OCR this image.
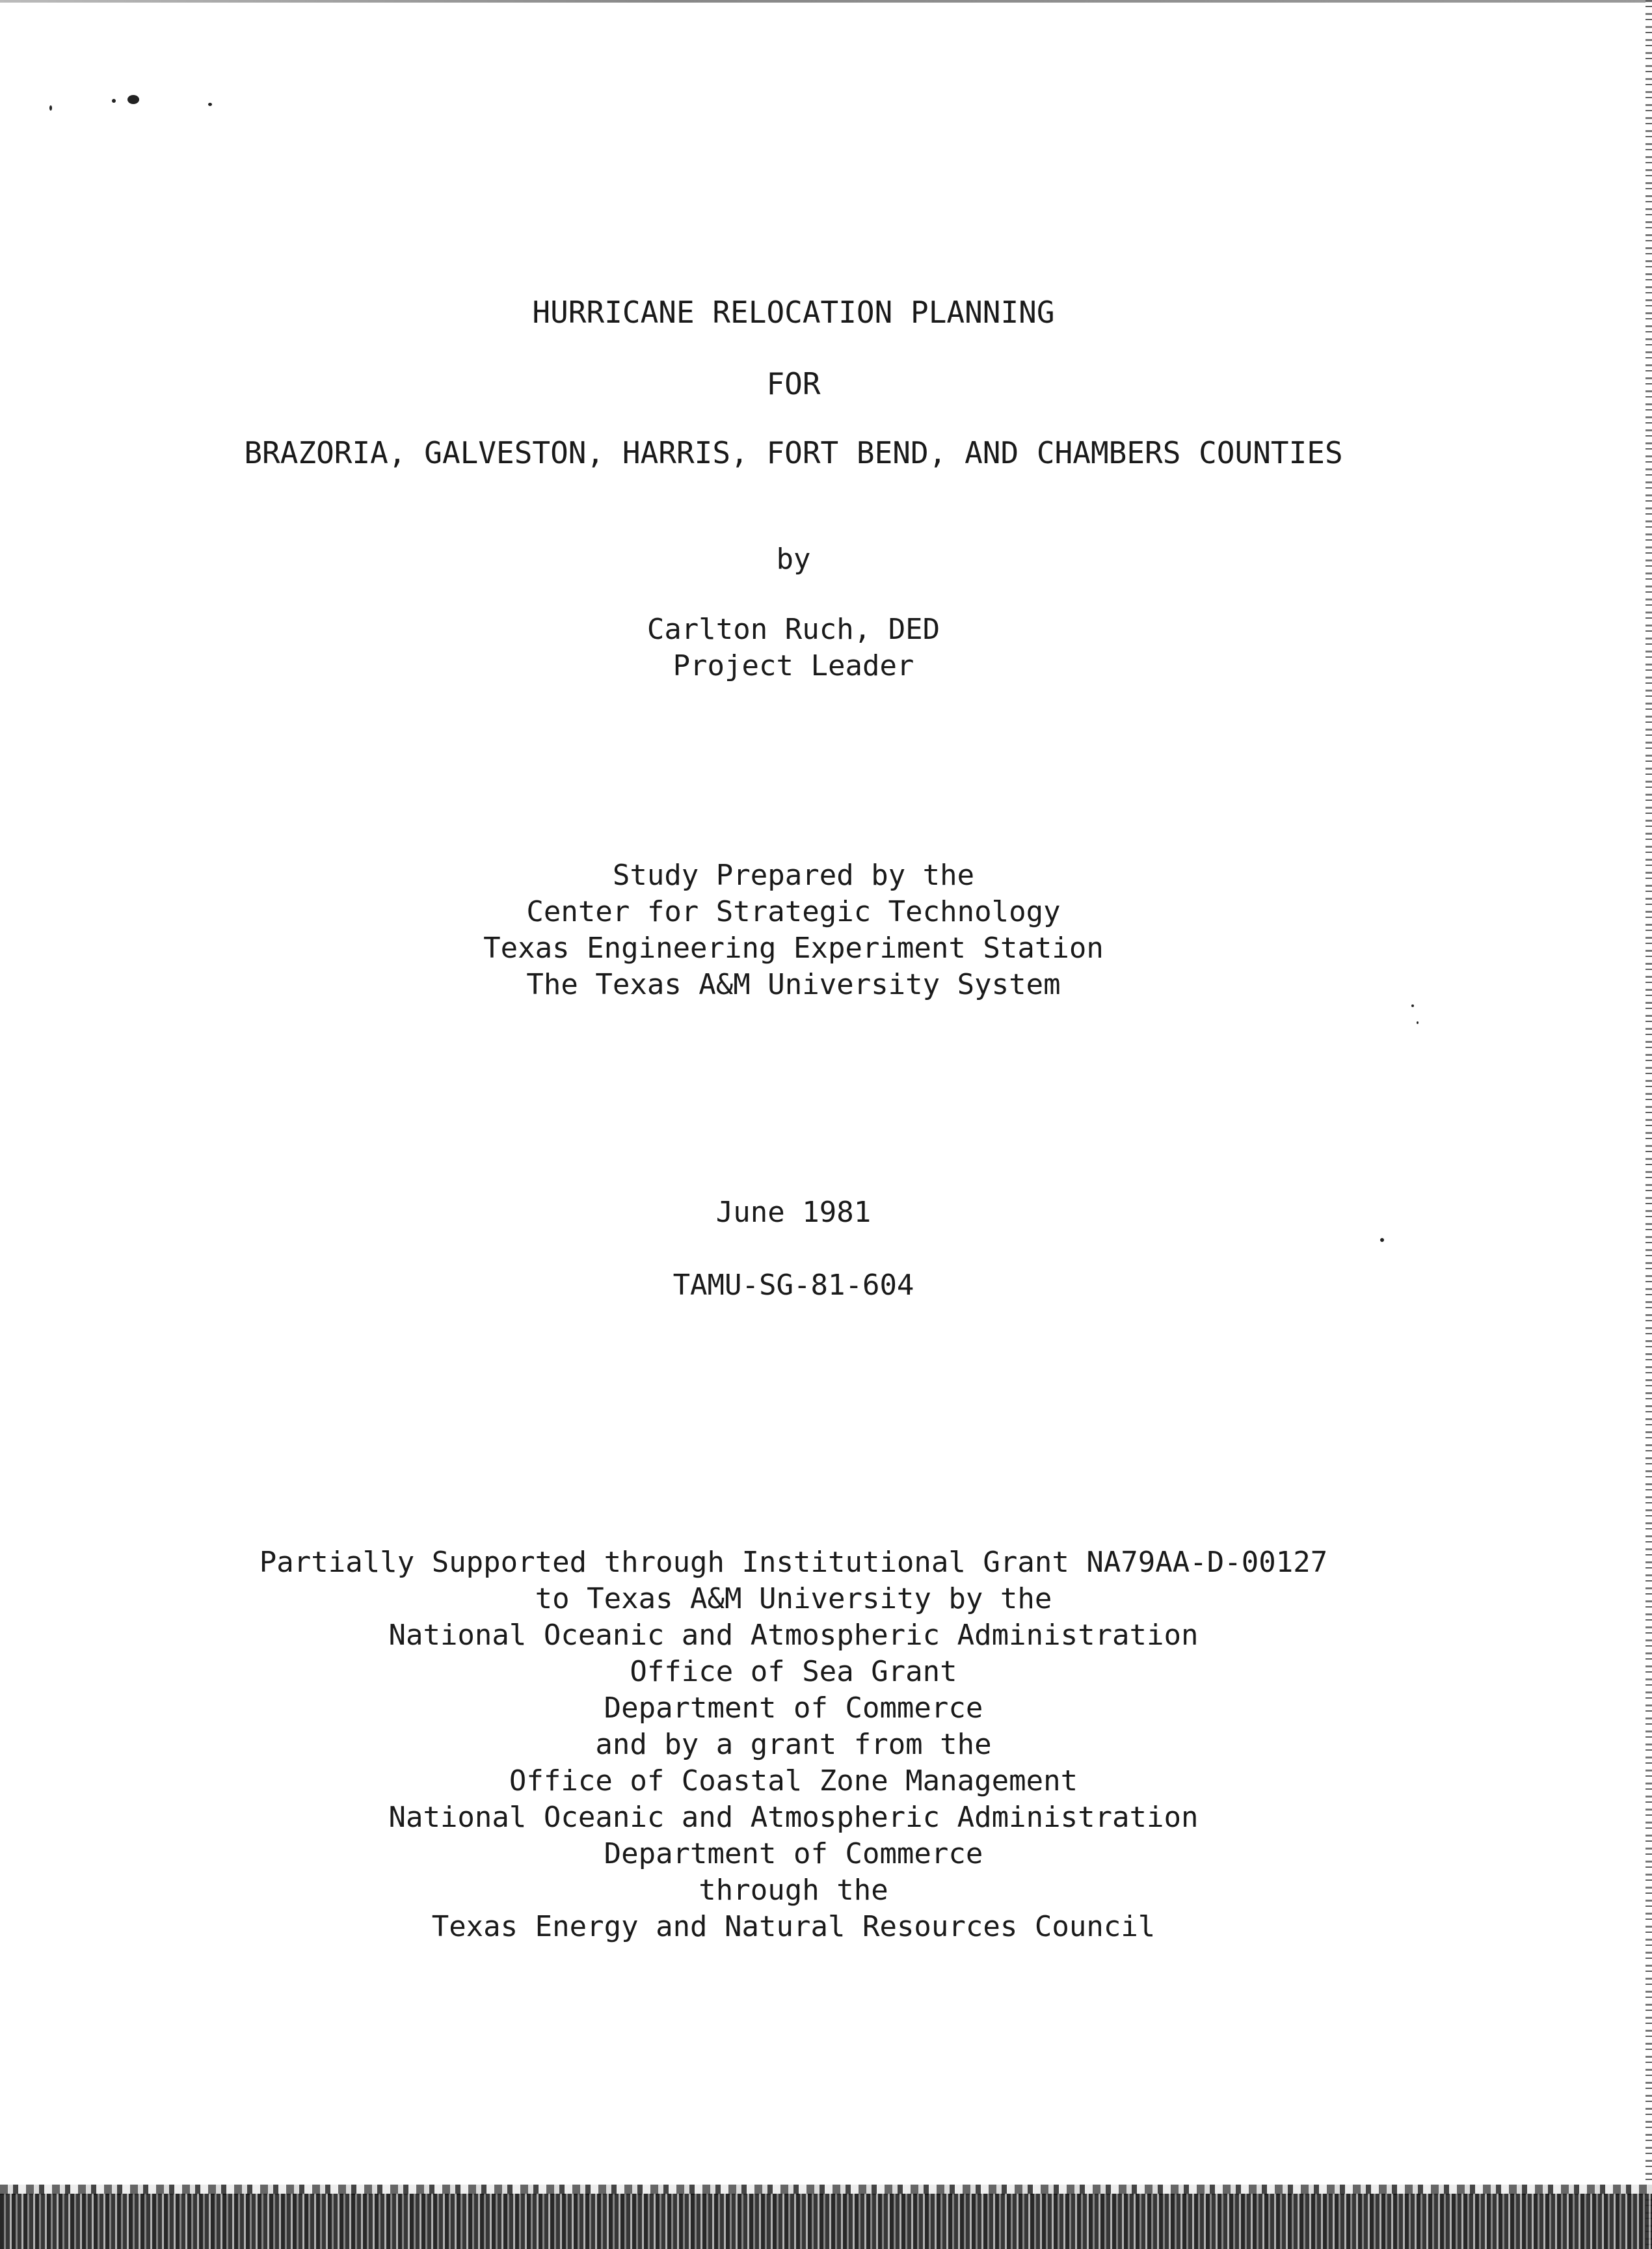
HURRICANE RELOCATION PLANNING
FOR
BRAZORIA, GALVESTON, HARRIS, FORT BEND, AND CHAMBERS COUNTIES
by
Carlton Ruch, DED
Project Leader
Study Prepared by the
Center for Strategic Technology
Texas Engineering Experiment Station
The Texas A&M University System
June 1981
TAMU-SG-81-604
Partially Supported through Institutional Grant NA79AA-D-00127
to Texas A&M University by the
National Oceanic and Atmospheric Administration
Office of Sea Grant
Department of Commerce
and by a grant from the
Office of Coastal Zone Management
National Oceanic and Atmospheric Administration
Department of Commerce
through the
Texas Energy and Natural Resources Council
